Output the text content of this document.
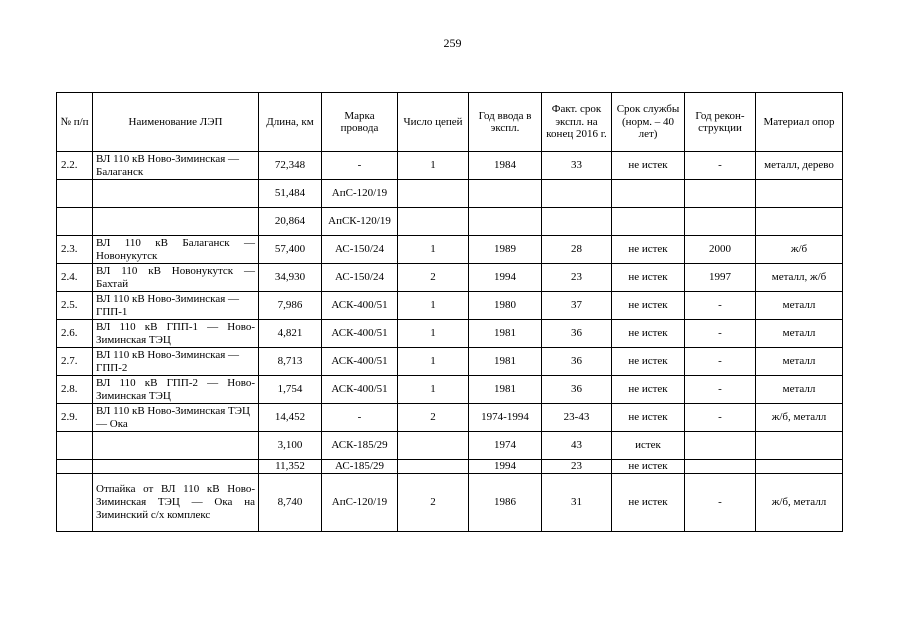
259
№ п/п	Наименование ЛЭП	Длина, км	Марка провода	Число цепей	Год ввода в экспл.	Факт. срок экспл. на конец 2016 г.	Срок службы (норм. – 40 лет)	Год рекон- струкции	Материал опор
2.2.	ВЛ 110 кВ Ново-Зиминская — Балаганск	72,348	-	1	1984	33	не истек	-	металл, дерево
		51,484	АпС-120/19						
		20,864	АпСК-120/19						
2.3.	ВЛ 110 кВ Балаганск — Новонукутск	57,400	АС-150/24	1	1989	28	не истек	2000	ж/б
2.4.	ВЛ 110 кВ Новонукутск — Бахтай	34,930	АС-150/24	2	1994	23	не истек	1997	металл, ж/б
2.5.	ВЛ 110 кВ Ново-Зиминская — ГПП-1	7,986	АСК-400/51	1	1980	37	не истек	-	металл
2.6.	ВЛ 110 кВ ГПП-1 — Ново-Зиминская ТЭЦ	4,821	АСК-400/51	1	1981	36	не истек	-	металл
2.7.	ВЛ 110 кВ Ново-Зиминская — ГПП-2	8,713	АСК-400/51	1	1981	36	не истек	-	металл
2.8.	ВЛ 110 кВ ГПП-2 — Ново-Зиминская ТЭЦ	1,754	АСК-400/51	1	1981	36	не истек	-	металл
2.9.	ВЛ 110 кВ Ново-Зиминская ТЭЦ — Ока	14,452	-	2	1974-1994	23-43	не истек	-	ж/б, металл
		3,100	АСК-185/29		1974	43	истек		
		11,352	АС-185/29		1994	23	не истек		
	Отпайка от ВЛ 110 кВ Ново-Зиминская ТЭЦ — Ока на Зиминский с/х комплекс	8,740	АпС-120/19	2	1986	31	не истек	-	ж/б, металл
